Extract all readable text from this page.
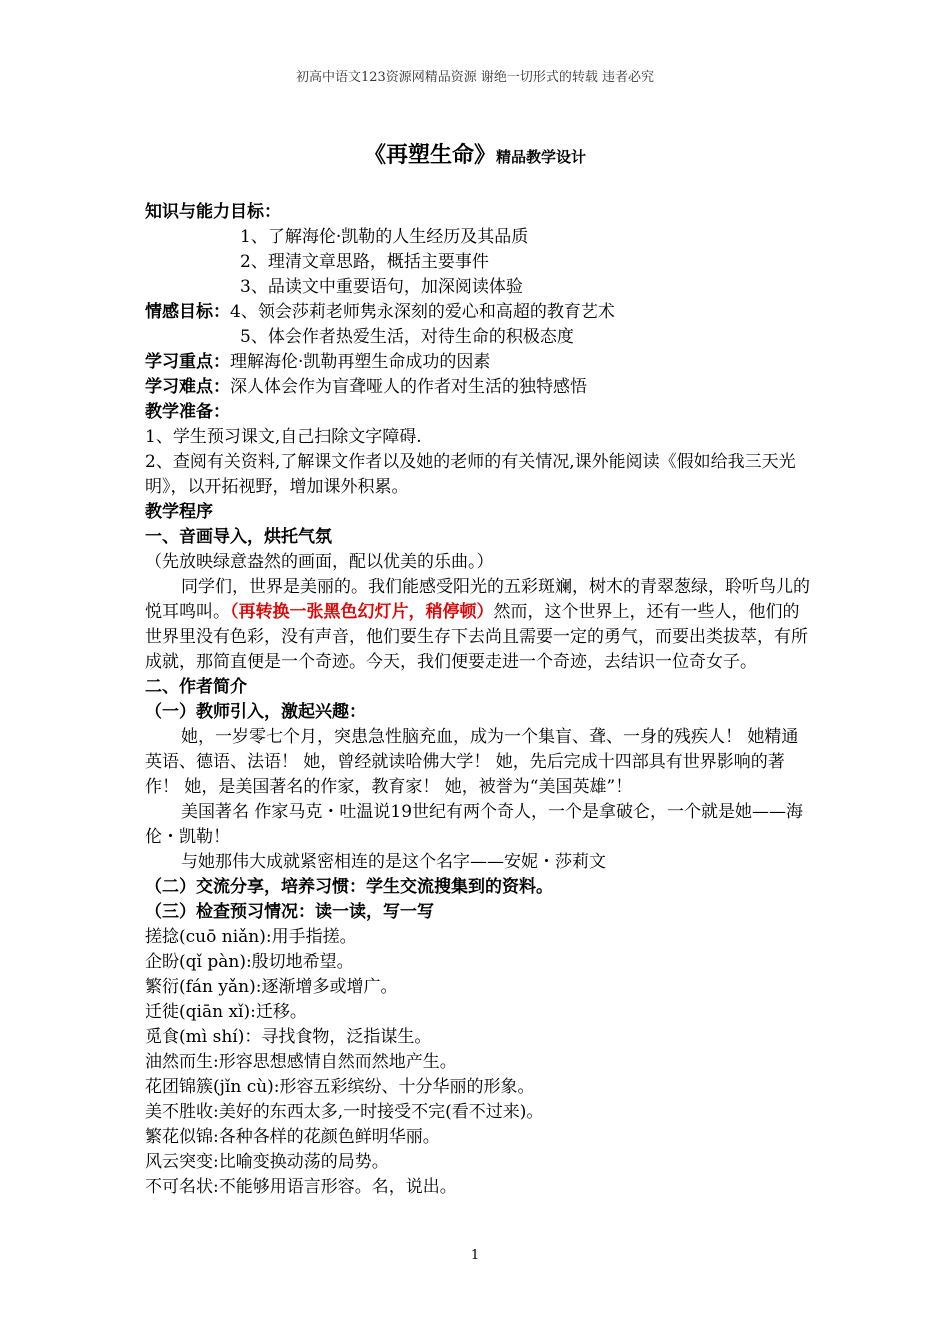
初高中语文123资源网精品资源 谢绝一切形式的转载 违者必究
《再塑生命》精品教学设计
知识与能力目标：
1、了解海伦·凯勒的人生经历及其品质
2、理清文章思路，概括主要事件
3、品读文中重要语句，加深阅读体验
情感目标：4、领会莎莉老师隽永深刻的爱心和高超的教育艺术
5、体会作者热爱生活，对待生命的积极态度
学习重点：理解海伦·凯勒再塑生命成功的因素
学习难点：深人体会作为盲聋哑人的作者对生活的独特感悟
教学准备：
1、学生预习课文,自己扫除文字障碍.
2、查阅有关资料,了解课文作者以及她的老师的有关情况,课外能阅读《假如给我三天光明》，以开拓视野，增加课外积累。
教学程序
一、音画导入，烘托气氛
（先放映绿意盎然的画面，配以优美的乐曲。）
同学们，世界是美丽的。我们能感受阳光的五彩斑斓，树木的青翠葱绿，聆听鸟儿的悦耳鸣叫。（再转换一张黑色幻灯片，稍停顿）然而，这个世界上，还有一些人，他们的世界里没有色彩，没有声音，他们要生存下去尚且需要一定的勇气，而要出类拔萃，有所成就，那简直便是一个奇迹。今天，我们便要走进一个奇迹，去结识一位奇女子。
二、作者简介
（一）教师引入，激起兴趣：
她，一岁零七个月，突患急性脑充血，成为一个集盲、聋、一身的残疾人！ 她精通英语、德语、法语！ 她，曾经就读哈佛大学！ 她，先后完成十四部具有世界影响的著作！ 她，是美国著名的作家，教育家！ 她，被誉为“美国英雄”！
美国著名 作家马克・吐温说19世纪有两个奇人，一个是拿破仑，一个就是她——海伦・凯勒！
与她那伟大成就紧密相连的是这个名字——安妮・莎莉文
（二）交流分享，培养习惯：学生交流搜集到的资料。
（三）检查预习情况：读一读，写一写
搓捻(cuō niǎn):用手指搓。
企盼(qǐ pàn):殷切地希望。
繁衍(fán yǎn):逐渐增多或增广。
迁徙(qiān xǐ):迁移。
觅食(mì shí)：寻找食物，泛指谋生。
油然而生:形容思想感情自然而然地产生。
花团锦簇(jǐn cù):形容五彩缤纷、十分华丽的形象。
美不胜收:美好的东西太多,一时接受不完(看不过来)。
繁花似锦:各种各样的花颜色鲜明华丽。
风云突变:比喻变换动荡的局势。
不可名状:不能够用语言形容。名，说出。
1
